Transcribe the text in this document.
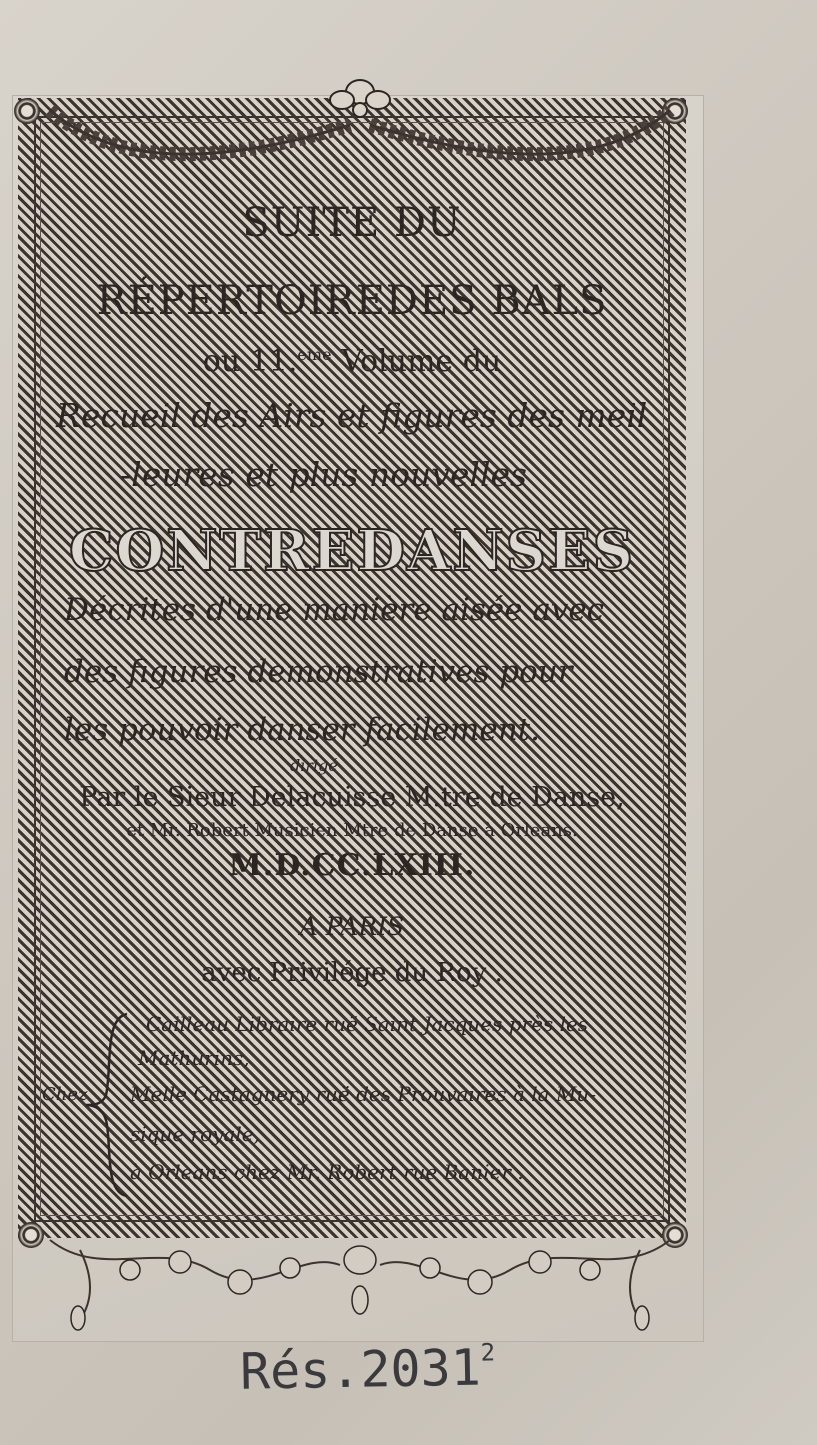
SUITE DU
RÉPERTOIREDES BALS
ou 11.$^{eme}$ Volume du
Recueil des Airs et figures des meil
-leures et plus nouvelles
CONTREDANSES
Décrites d'une manière aisée avec
des figures demonstratives pour
les pouvoir danser facilement.
dirigé
Par le Sieur Delacuisse M.tre de Danse,
et Mr. Robert Musicien Mtre de Danse à Orleans.
M.D.CC.LXIII.
À PARIS
avec Privilége du Roy .
Chez
Cailleau Libraire ruë Saint Jacques près les
Mathurins,
Melle Castagnery ruë des Prouvaires à la Mu-
sique royale,
à Orleans chez Mr. Robert rue Banier .
Rés.2031$^2$
